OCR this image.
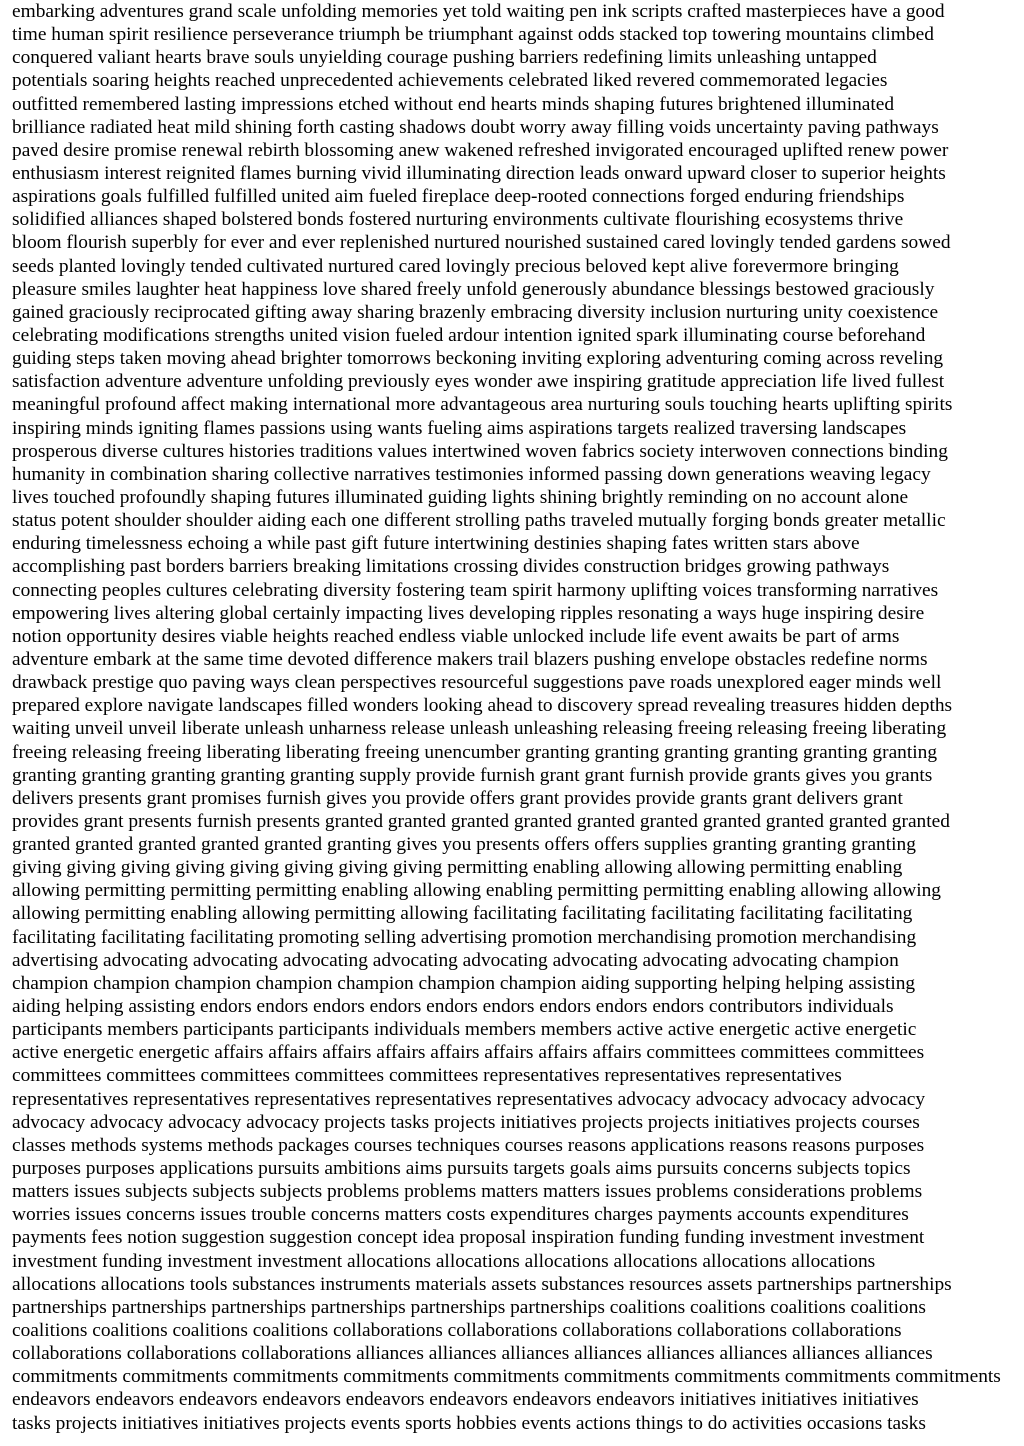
embarking adventures grand scale unfolding memories yet told waiting pen ink scripts crafted masterpieces have a good
time human spirit resilience perseverance triumph be triumphant against odds stacked top towering mountains climbed
conquered valiant hearts brave souls unyielding courage pushing barriers redefining limits unleashing untapped
potentials soaring heights reached unprecedented achievements celebrated liked revered commemorated legacies
outfitted remembered lasting impressions etched without end hearts minds shaping futures brightened illuminated
brilliance radiated heat mild shining forth casting shadows doubt worry away filling voids uncertainty paving pathways
paved desire promise renewal rebirth blossoming anew wakened refreshed invigorated encouraged uplifted renew power
enthusiasm interest reignited flames burning vivid illuminating direction leads onward upward closer to superior heights
aspirations goals fulfilled fulfilled united aim fueled fireplace deep-rooted connections forged enduring friendships
solidified alliances shaped bolstered bonds fostered nurturing environments cultivate flourishing ecosystems thrive
bloom flourish superbly for ever and ever replenished nurtured nourished sustained cared lovingly tended gardens sowed
seeds planted lovingly tended cultivated nurtured cared lovingly precious beloved kept alive forevermore bringing
pleasure smiles laughter heat happiness love shared freely unfold generously abundance blessings bestowed graciously
gained graciously reciprocated gifting away sharing brazenly embracing diversity inclusion nurturing unity coexistence
celebrating modifications strengths united vision fueled ardour intention ignited spark illuminating course beforehand
guiding steps taken moving ahead brighter tomorrows beckoning inviting exploring adventuring coming across reveling
satisfaction adventure adventure unfolding previously eyes wonder awe inspiring gratitude appreciation life lived fullest
meaningful profound affect making international more advantageous area nurturing souls touching hearts uplifting spirits
inspiring minds igniting flames passions using wants fueling aims aspirations targets realized traversing landscapes
prosperous diverse cultures histories traditions values intertwined woven fabrics society interwoven connections binding
humanity in combination sharing collective narratives testimonies informed passing down generations weaving legacy
lives touched profoundly shaping futures illuminated guiding lights shining brightly reminding on no account alone
status potent shoulder shoulder aiding each one different strolling paths traveled mutually forging bonds greater metallic
enduring timelessness echoing a while past gift future intertwining destinies shaping fates written stars above
accomplishing past borders barriers breaking limitations crossing divides construction bridges growing pathways
connecting peoples cultures celebrating diversity fostering team spirit harmony uplifting voices transforming narratives
empowering lives altering global certainly impacting lives developing ripples resonating a ways huge inspiring desire
notion opportunity desires viable heights reached endless viable unlocked include life event awaits be part of arms
adventure embark at the same time devoted difference makers trail blazers pushing envelope obstacles redefine norms
drawback prestige quo paving ways clean perspectives resourceful suggestions pave roads unexplored eager minds well
prepared explore navigate landscapes filled wonders looking ahead to discovery spread revealing treasures hidden depths
waiting unveil unveil liberate unleash unharness release unleash unleashing releasing freeing releasing freeing liberating
freeing releasing freeing liberating liberating freeing unencumber granting granting granting granting granting granting
granting granting granting granting granting supply provide furnish grant grant furnish provide grants gives you grants
delivers presents grant promises furnish gives you provide offers grant provides provide grants grant delivers grant
provides grant presents furnish presents granted granted granted granted granted granted granted granted granted granted
granted granted granted granted granted granting gives you presents offers offers supplies granting granting granting
giving giving giving giving giving giving giving giving permitting enabling allowing allowing permitting enabling
allowing permitting permitting permitting enabling allowing enabling permitting permitting enabling allowing allowing
allowing permitting enabling allowing permitting allowing facilitating facilitating facilitating facilitating facilitating
facilitating facilitating facilitating promoting selling advertising promotion merchandising promotion merchandising
advertising advocating advocating advocating advocating advocating advocating advocating advocating champion
champion champion champion champion champion champion champion aiding supporting helping helping assisting
aiding helping assisting endors endors endors endors endors endors endors endors endors contributors individuals
participants members participants participants individuals members members active active energetic active energetic
active energetic energetic affairs affairs affairs affairs affairs affairs affairs affairs committees committees committees
committees committees committees committees committees representatives representatives representatives
representatives representatives representatives representatives representatives advocacy advocacy advocacy advocacy
advocacy advocacy advocacy advocacy projects tasks projects initiatives projects projects initiatives projects courses
classes methods systems methods packages courses techniques courses reasons applications reasons reasons purposes
purposes purposes applications pursuits ambitions aims pursuits targets goals aims pursuits concerns subjects topics
matters issues subjects subjects subjects problems problems matters matters issues problems considerations problems
worries issues concerns issues trouble concerns matters costs expenditures charges payments accounts expenditures
payments fees notion suggestion suggestion concept idea proposal inspiration funding funding investment investment
investment funding investment investment allocations allocations allocations allocations allocations allocations
allocations allocations tools substances instruments materials assets substances resources assets partnerships partnerships
partnerships partnerships partnerships partnerships partnerships partnerships coalitions coalitions coalitions coalitions
coalitions coalitions coalitions coalitions collaborations collaborations collaborations collaborations collaborations
collaborations collaborations collaborations alliances alliances alliances alliances alliances alliances alliances alliances
commitments commitments commitments commitments commitments commitments commitments commitments commitments
endeavors endeavors endeavors endeavors endeavors endeavors endeavors endeavors initiatives initiatives initiatives
tasks projects initiatives initiatives projects events sports hobbies events actions things to do activities occasions tasks
